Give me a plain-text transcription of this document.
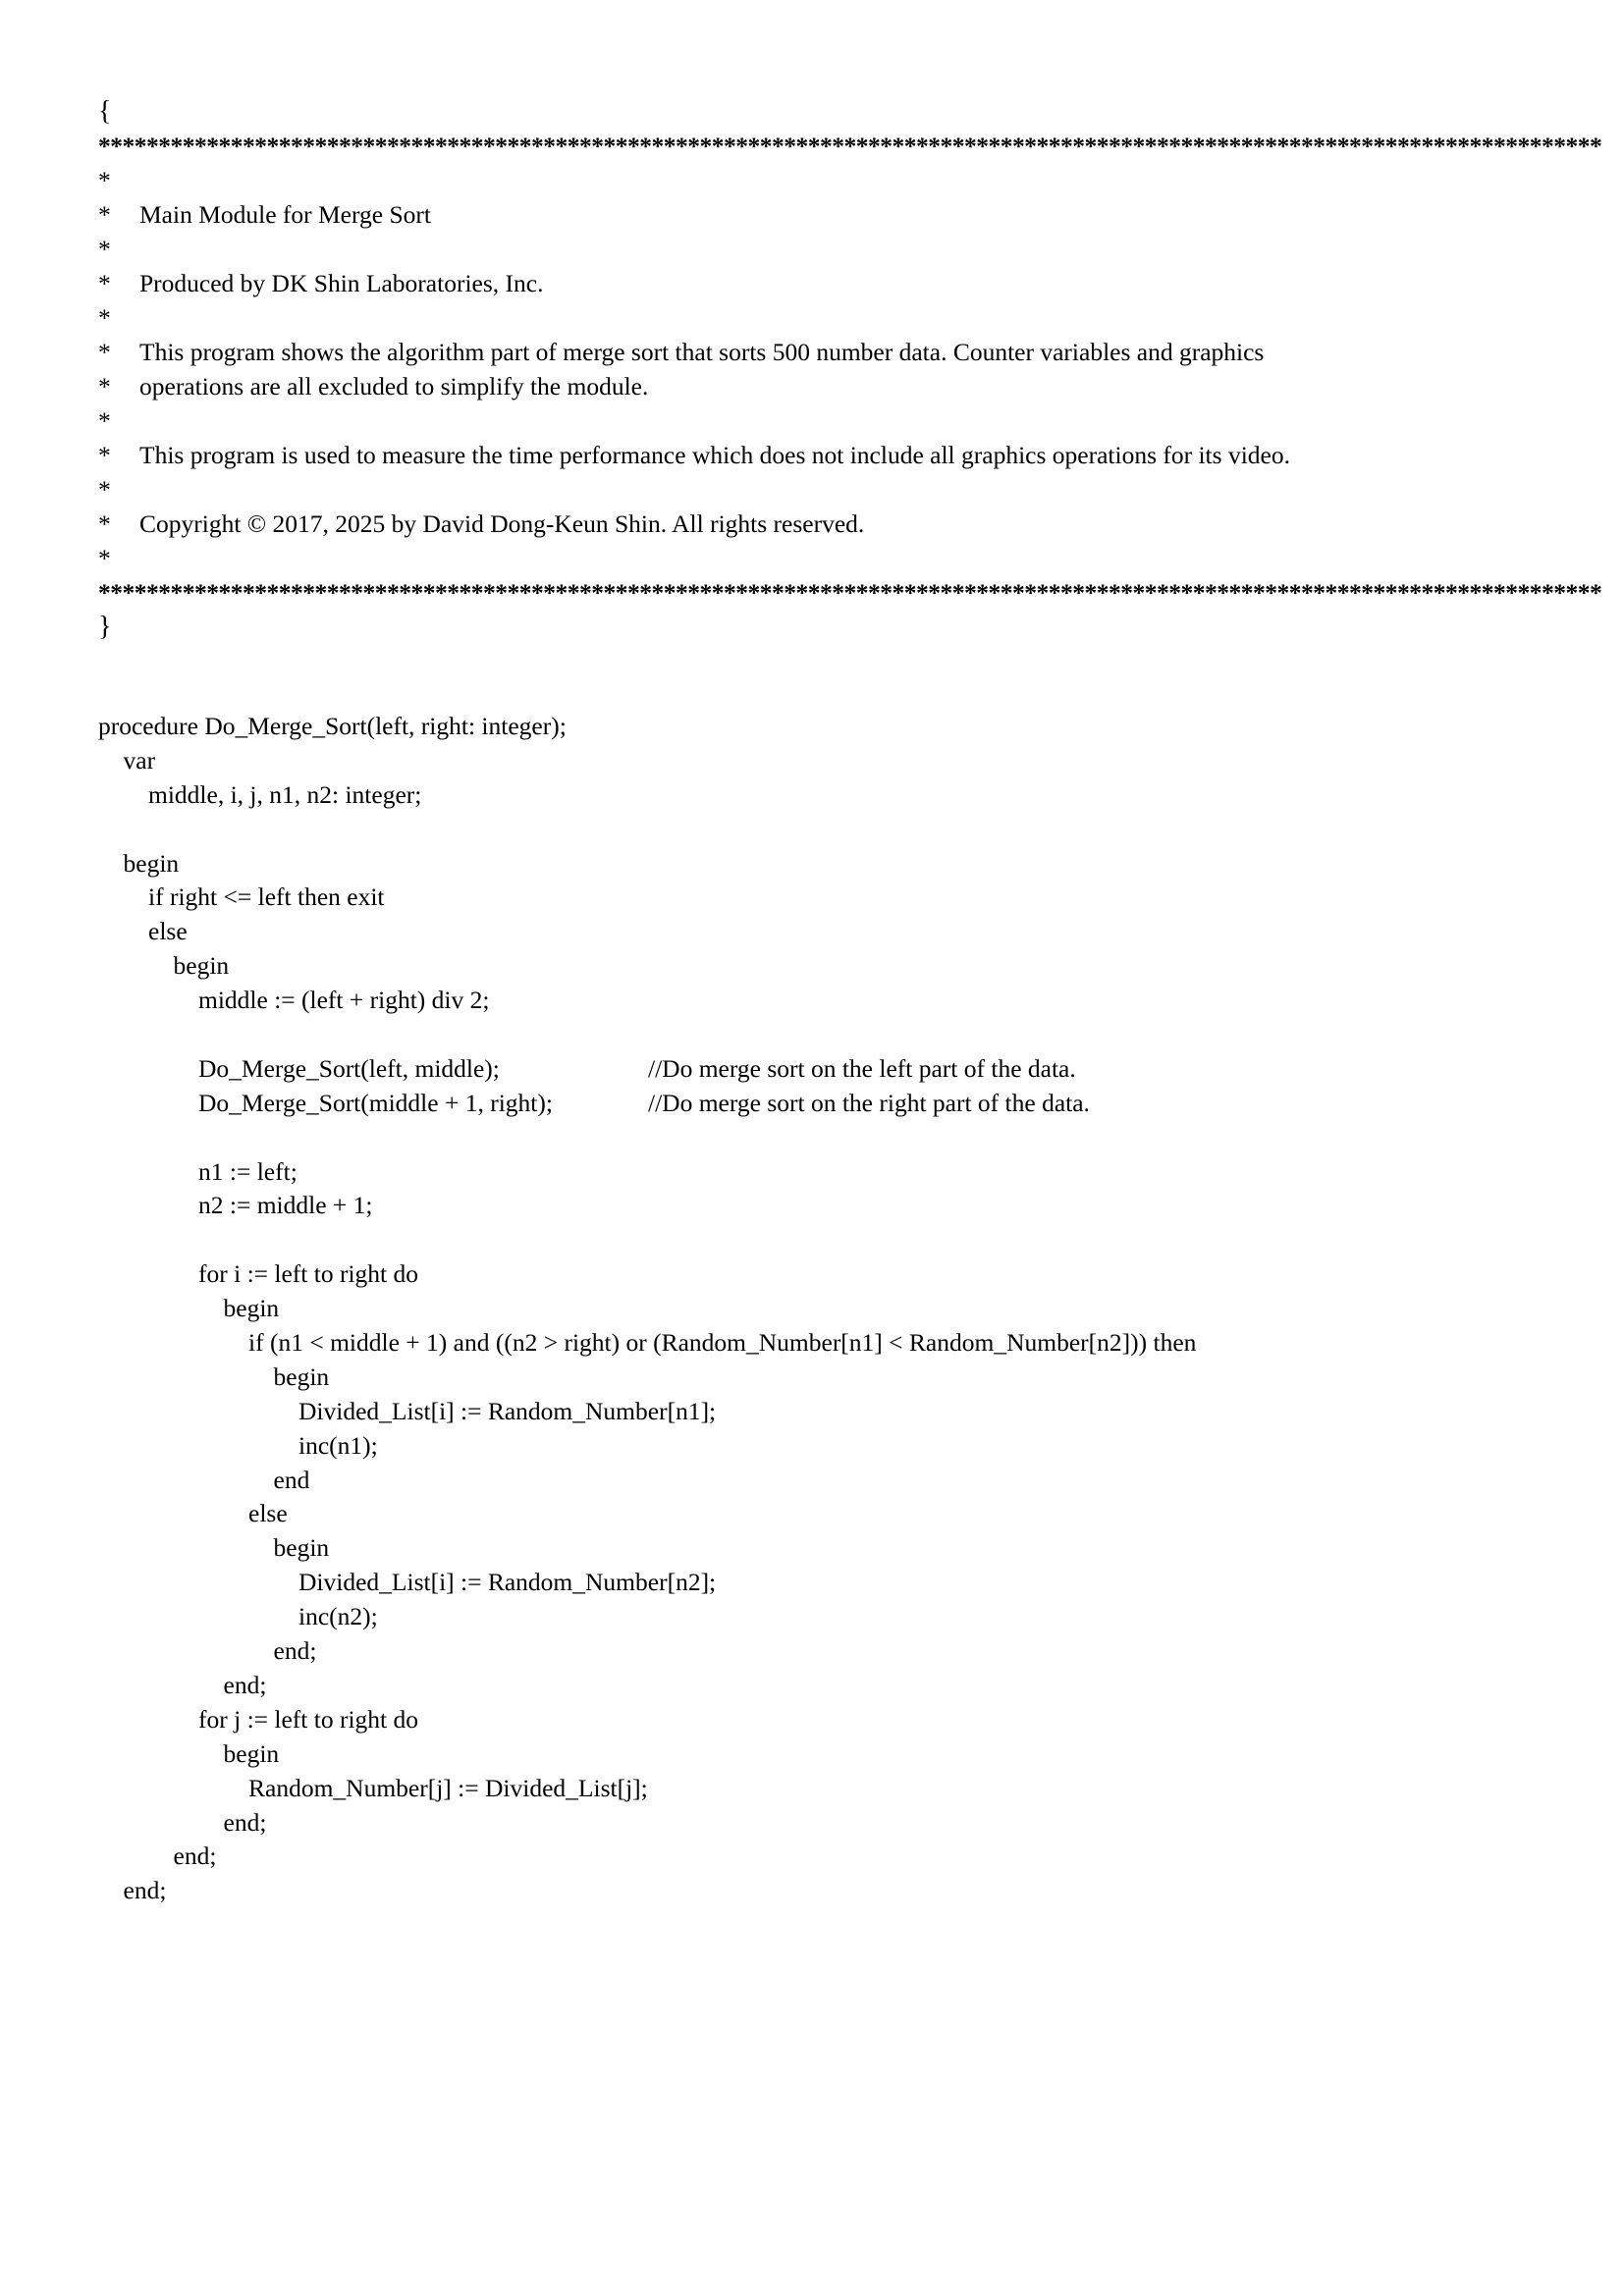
{
*****************************************************************************************************************************
*
* Main Module for Merge Sort
*
* Produced by DK Shin Laboratories, Inc.
*
* This program shows the algorithm part of merge sort that sorts 500 number data. Counter variables and graphics
* operations are all excluded to simplify the module.
*
* This program is used to measure the time performance which does not include all graphics operations for its video.
*
* Copyright © 2017, 2025 by David Dong-Keun Shin. All rights reserved.
*
*****************************************************************************************************************************
}
procedure Do_Merge_Sort(left, right: integer);
var
middle, i, j, n1, n2: integer;
begin
if right <= left then exit
else
begin
middle := (left + right) div 2;
Do_Merge_Sort(left, middle);	//Do merge sort on the left part of the data.
Do_Merge_Sort(middle + 1, right);	//Do merge sort on the right part of the data.
n1 := left;
n2 := middle + 1;
for i := left to right do
begin
if (n1 < middle + 1) and ((n2 > right) or (Random_Number[n1] < Random_Number[n2])) then
begin
Divided_List[i] := Random_Number[n1];
inc(n1);
end
else
begin
Divided_List[i] := Random_Number[n2];
inc(n2);
end;
end;
for j := left to right do
begin
Random_Number[j] := Divided_List[j];
end;
end;
end;
